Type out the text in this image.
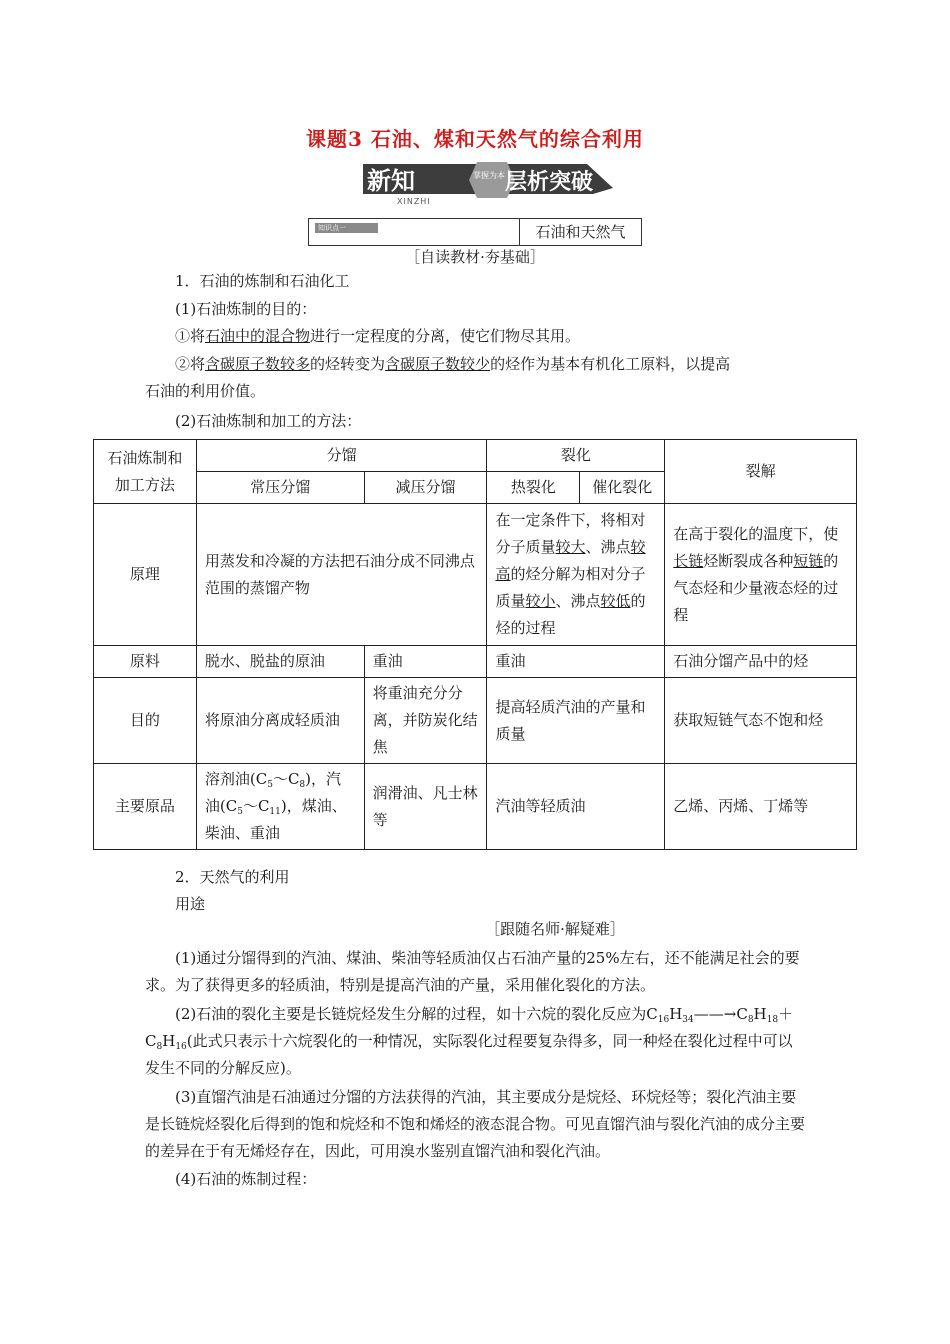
课题3 石油、煤和天然气的综合利用
新知	掌握为本 层析突破
XINZHI
知识点一	石油和天然气
［自读教材·夯基础］
1．石油的炼制和石油化工
(1)石油炼制的目的：
①将石油中的混合物进行一定程度的分离，使它们物尽其用。
②将含碳原子数较多的烃转变为含碳原子数较少的烃作为基本有机化工原料，以提高
石油的利用价值。
(2)石油炼制和加工的方法：
石油炼制和加工方法	分馏		裂化		裂解
	常压分馏	减压分馏	热裂化	催化裂化	
原理	用蒸发和冷凝的方法把石油分成不同沸点范围的蒸馏产物		在一定条件下，将相对分子质量较大、沸点较高的烃分解为相对分子质量较小、沸点较低的烃的过程		在高于裂化的温度下，使长链烃断裂成各种短链的气态烃和少量液态烃的过程
原料	脱水、脱盐的原油	重油	重油		石油分馏产品中的烃
目的	将原油分离成轻质油	将重油充分分离，并防炭化结焦	提高轻质汽油的产量和质量		获取短链气态不饱和烃
主要原品	溶剂油$(C_5\sim C_8)$，汽油$(C_5\sim C_{11})$，煤油、柴油、重油	润滑油、凡士林等	汽油等轻质油		乙烯、丙烯、丁烯等
2．天然气的利用
用途
［跟随名师·解疑难］
(1)通过分馏得到的汽油、煤油、柴油等轻质油仅占石油产量的25%左右，还不能满足社会的要求。为了获得更多的轻质油，特别是提高汽油的产量，采用催化裂化的方法。
(2)石油的裂化主要是长链烷烃发生分解的过程，如十六烷的裂化反应为$C_{16}H_{34}——\to C_8H_{18}+C_8H_{16}$(此式只表示十六烷裂化的一种情况，实际裂化过程要复杂得多，同一种烃在裂化过程中可以发生不同的分解反应)。
(3)直馏汽油是石油通过分馏的方法获得的汽油，其主要成分是烷烃、环烷烃等；裂化汽油主要是长链烷烃裂化后得到的饱和烷烃和不饱和烯烃的液态混合物。可见直馏汽油与裂化汽油的成分主要的差异在于有无烯烃存在，因此，可用溴水鉴别直馏汽油和裂化汽油。
(4)石油的炼制过程：
